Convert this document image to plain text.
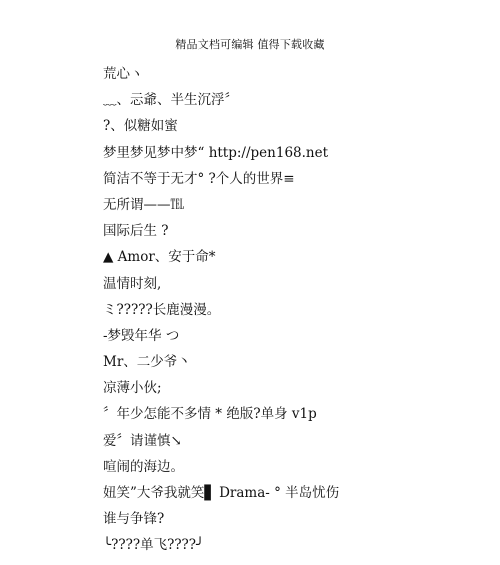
精品文档可编辑 值得下载收藏
荒心ヽ
﹏、忈爺、半生沉浮〞
?、似糖如蜜
梦里梦见梦中梦“ http://pen168.net
简洁不等于无才° ?个人的世界≡
无所谓——℡
国际后生 ?
▲ Amor、安于命*
温情时刻,
ミ?????长鹿漫漫。
-梦毁年华 つ
Mr、二少爷丶
凉薄小伙;
〞年少怎能不多情 * 绝版?单身 v1p
爱〞请谨慎↘
喧闹的海边。
妞笑”大爷我就笑▋ Drama- ° 半岛忧伤
谁与争锋?
╰????单飞????╯
